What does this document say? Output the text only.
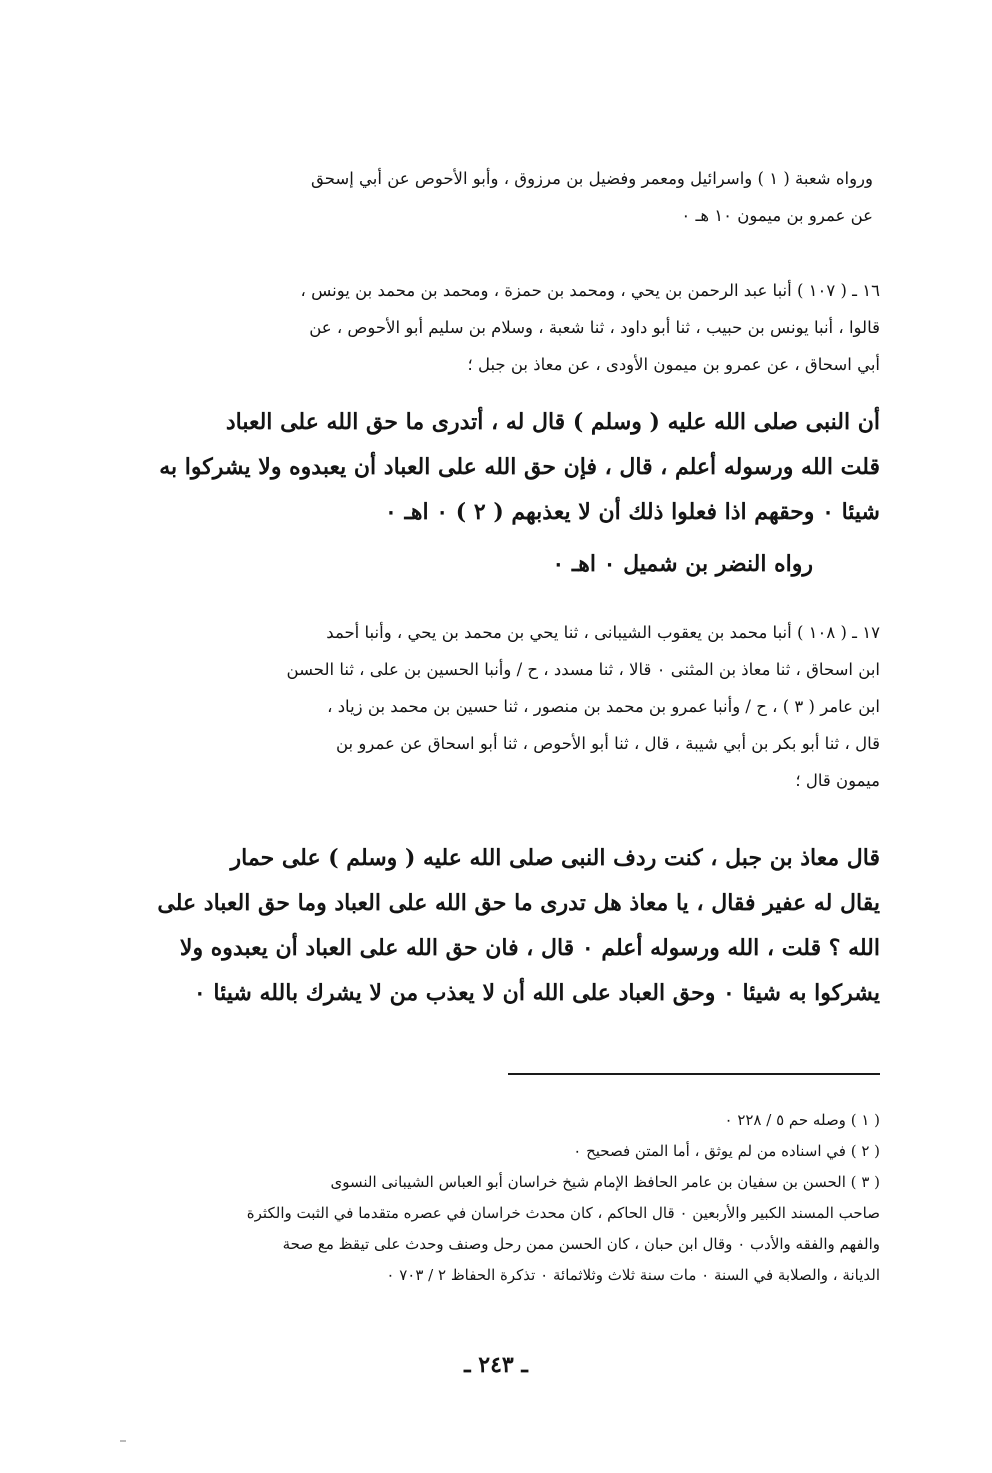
ورواه شعبة ( ١ ) واسرائيل ومعمر وفضيل بن مرزوق ، وأبو الأحوص عن أبي إسحق

عن عمرو بن ميمون ١٠ هـ ٠

١٦ ـ ( ١٠٧ ) أنبا عبد الرحمن بن يحي ، ومحمد بن حمزة ، ومحمد بن محمد بن يونس ،

قالوا ، أنبا يونس بن حبيب ، ثنا أبو داود ، ثنا شعبة ، وسلام بن سليم أبو الأحوص ، عن

أبي اسحاق ، عن عمرو بن ميمون الأودى ، عن معاذ بن جبل ؛

أن النبى صلى الله عليه ( وسلم ) قال له ، أتدرى ما حق الله على العباد

قلت الله ورسوله أعلم ، قال ، فإن حق الله على العباد أن يعبدوه ولا يشركوا به

شيئا ٠ وحقهم اذا فعلوا ذلك أن لا يعذبهم ( ٢ ) ٠ اهـ ٠

رواه النضر بن شميل ٠ اهـ ٠

١٧ ـ ( ١٠٨ ) أنبا محمد بن يعقوب الشيبانى ، ثنا يحي بن محمد بن يحي ، وأنبا أحمد

ابن اسحاق ، ثنا معاذ بن المثنى ٠ قالا ، ثنا مسدد ، ح / وأنبا الحسين بن على ، ثنا الحسن

ابن عامر ( ٣ ) ، ح / وأنبا عمرو بن محمد بن منصور ، ثنا حسين بن محمد بن زياد ،

قال ، ثنا أبو بكر بن أبي شيبة ، قال ، ثنا أبو الأحوص ، ثنا أبو اسحاق عن عمرو بن

ميمون قال ؛

قال معاذ بن جبل ، كنت ردف النبى صلى الله عليه ( وسلم ) على حمار

يقال له عفير فقال ، يا معاذ هل تدرى ما حق الله على العباد وما حق العباد على

الله ؟ قلت ، الله ورسوله أعلم ٠ قال ، فان حق الله على العباد أن يعبدوه ولا

يشركوا به شيئا ٠ وحق العباد على الله أن لا يعذب من لا يشرك بالله شيئا ٠

( ١ ) وصله حم ٥ / ٢٢٨ ٠

( ٢ ) في اسناده من لم يوثق ، أما المتن فصحيح ٠

( ٣ ) الحسن بن سفيان بن عامر الحافظ الإمام شيخ خراسان أبو العباس الشيبانى النسوى

صاحب المسند الكبير والأربعين ٠ قال الحاكم ، كان محدث خراسان في عصره متقدما في الثبت والكثرة

والفهم والفقه والأدب ٠ وقال ابن حبان ، كان الحسن ممن رحل وصنف وحدث على تيقظ مع صحة

الديانة ، والصلابة في السنة ٠ مات سنة ثلاث وثلاثمائة ٠ تذكرة الحفاظ ٢ / ٧٠٣ ٠

ـ ٢٤٣ ـ
